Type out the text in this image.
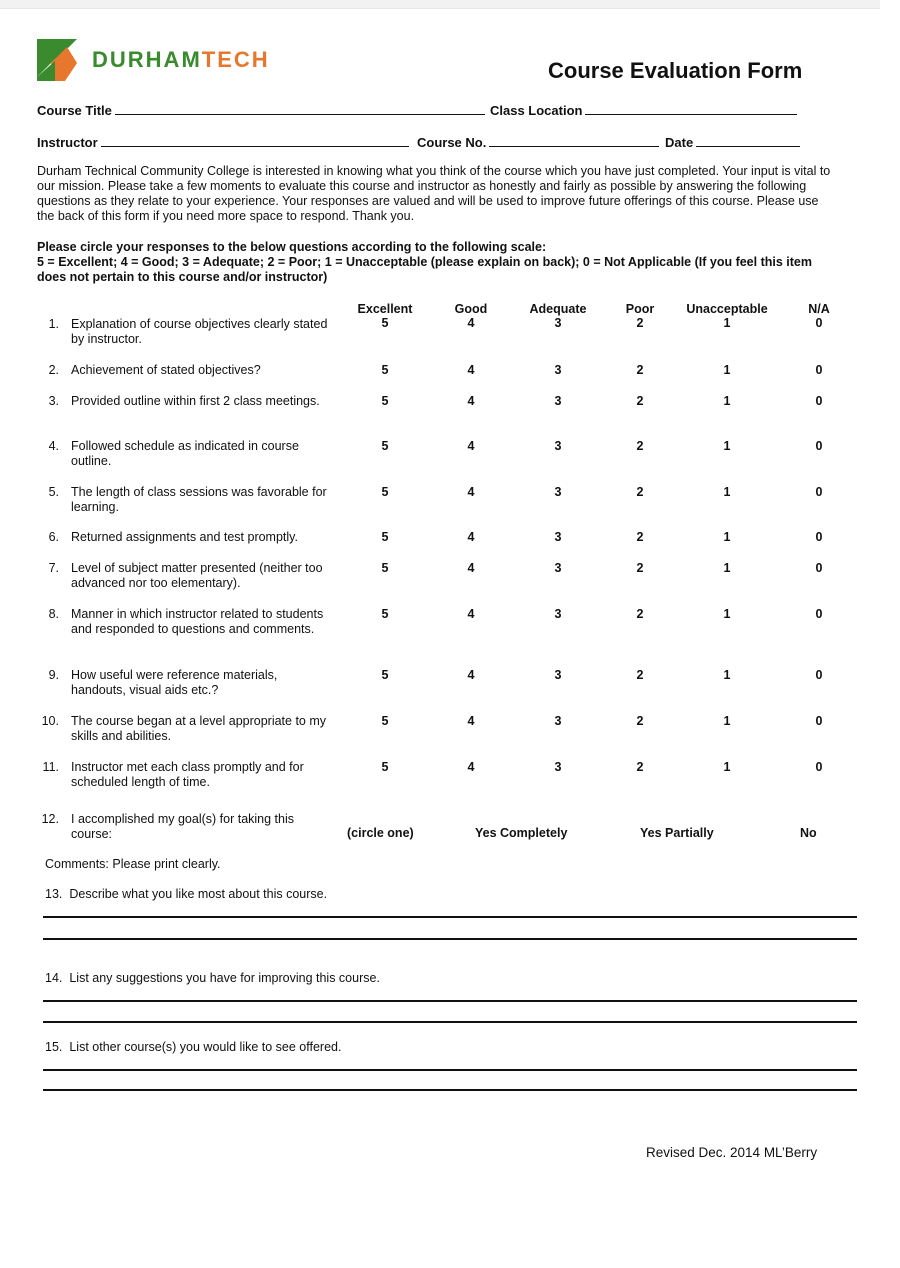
DURHAMTECH	Course Evaluation Form
Course Title	Class Location
Instructor	Course No.	Date
Durham Technical Community College is interested in knowing what you think of the course which you have just completed. Your input is vital to our mission. Please take a few moments to evaluate this course and instructor as honestly and fairly as possible by answering the following questions as they relate to your experience. Your responses are valued and will be used to improve future offerings of this course. Please use the back of this form if you need more space to respond. Thank you.
Please circle your responses to the below questions according to the following scale:
5 = Excellent; 4 = Good; 3 = Adequate; 2 = Poor; 1 = Unacceptable (please explain on back); 0 = Not Applicable (If you feel this item does not pertain to this course and/or instructor)
Excellent	Good	Adequate	Poor	Unacceptable	N/A
1. Explanation of course objectives clearly stated by instructor.
5	4	3	2	1	0
2. Achievement of stated objectives?	5	4	3	2	1	0
3. Provided outline within first 2 class meetings.	5	4	3	2	1	0
4. Followed schedule as indicated in course outline.
5	4	3	2	1	0
5. The length of class sessions was favorable for learning.
5	4	3	2	1	0
6. Returned assignments and test promptly.	5	4	3	2	1	0
7. Level of subject matter presented (neither too advanced nor too elementary).
5	4	3	2	1	0
8. Manner in which instructor related to students and responded to questions and comments.
5	4	3	2	1	0
9. How useful were reference materials, handouts, visual aids etc.?
5	4	3	2	1	0
10. The course began at a level appropriate to my skills and abilities.
5	4	3	2	1	0
11. Instructor met each class promptly and for scheduled length of time.
5	4	3	2	1	0
12. I accomplished my goal(s) for taking this course:	(circle one)	Yes Completely	Yes Partially	No
Comments: Please print clearly.
13. Describe what you like most about this course.
14. List any suggestions you have for improving this course.
15. List other course(s) you would like to see offered.
Revised Dec. 2014 ML’Berry
